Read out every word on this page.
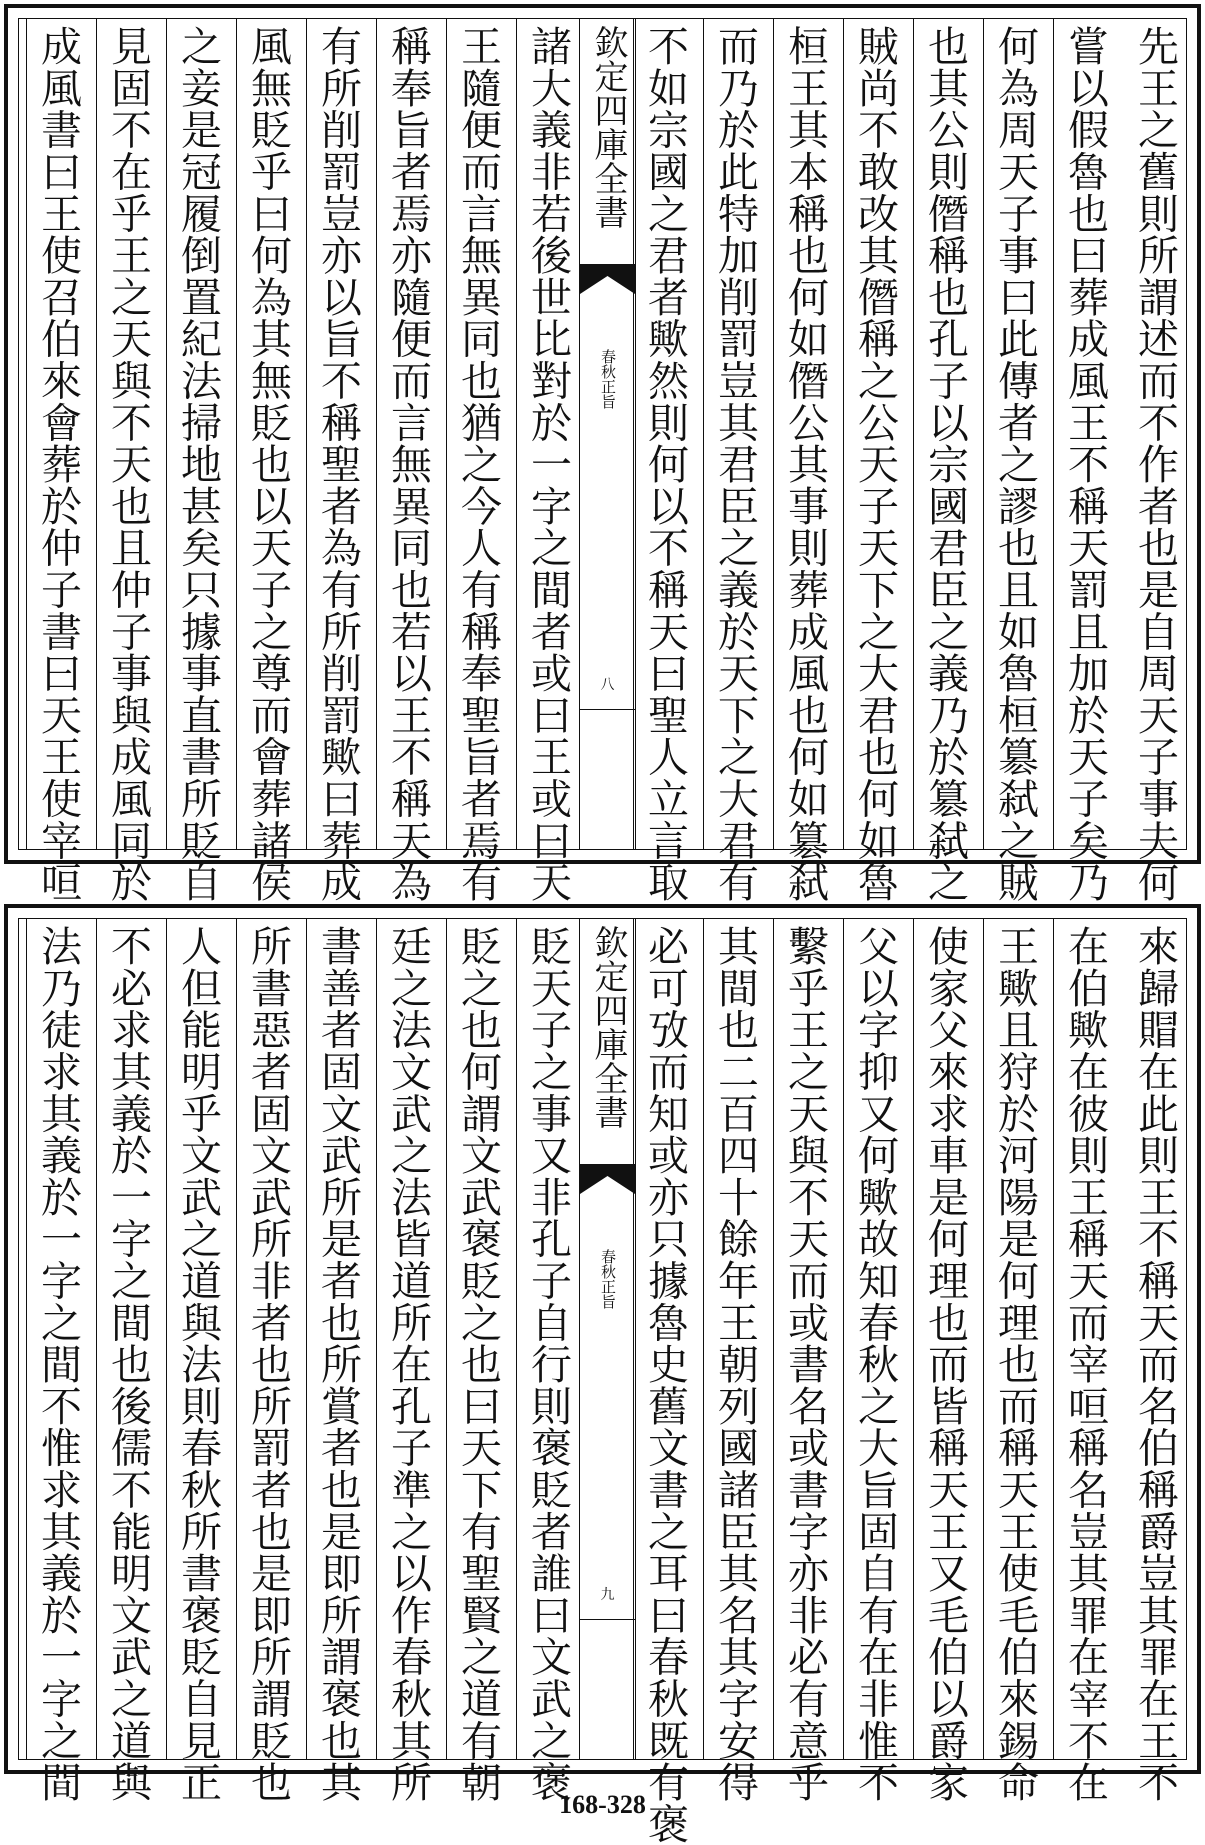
先王之舊則所謂述而不作者也是自周天子事夫何
嘗以假魯也曰葬成風王不稱天罰且加於天子矣乃
何為周天子事曰此傳者之謬也且如魯桓簒弑之賊
也其公則僭稱也孔子以宗國君臣之義乃於簒弑之
賊尚不敢改其僭稱之公天子天下之大君也何如魯
桓王其本稱也何如僭公其事則葬成風也何如簒弑
而乃於此特加削罰豈其君臣之義於天下之大君有
不如宗國之君者歟然則何以不稱天曰聖人立言取
欽定四庫全書
春秋正旨
八
諸大義非若後世比對於一字之間者或曰王或曰天
王隨便而言無異同也猶之今人有稱奉聖旨者焉有
稱奉旨者焉亦隨便而言無異同也若以王不稱天為
有所削罰豈亦以旨不稱聖者為有所削罰歟曰葬成
風無貶乎曰何為其無貶也以天子之尊而會葬諸侯
之妾是冠履倒置紀法掃地甚矣只據事直書所貶自
見固不在乎王之天與不天也且仲子事與成風同於
成風書曰王使召伯來會葬於仲子書曰天王使宰咺
來歸賵在此則王不稱天而名伯稱爵豈其罪在王不
在伯歟在彼則王稱天而宰咺稱名豈其罪在宰不在
王歟且狩於河陽是何理也而稱天王使毛伯來錫命
使家父來求車是何理也而皆稱天王又毛伯以爵家
父以字抑又何歟故知春秋之大旨固自有在非惟不
繫乎王之天與不天而或書名或書字亦非必有意乎
其間也二百四十餘年王朝列國諸臣其名其字安得
必可攷而知或亦只據魯史舊文書之耳曰春秋既有褒
欽定四庫全書
春秋正旨
九
貶天子之事又非孔子自行則褒貶者誰曰文武之褒
貶之也何謂文武褒貶之也曰天下有聖賢之道有朝
廷之法文武之法皆道所在孔子準之以作春秋其所
書善者固文武所是者也所賞者也是即所謂褒也其
所書惡者固文武所非者也所罰者也是即所謂貶也
人但能明乎文武之道與法則春秋所書褒貶自見正
不必求其義於一字之間也後儒不能明文武之道與
法乃徒求其義於一字之間不惟求其義於一字之間
168-328
